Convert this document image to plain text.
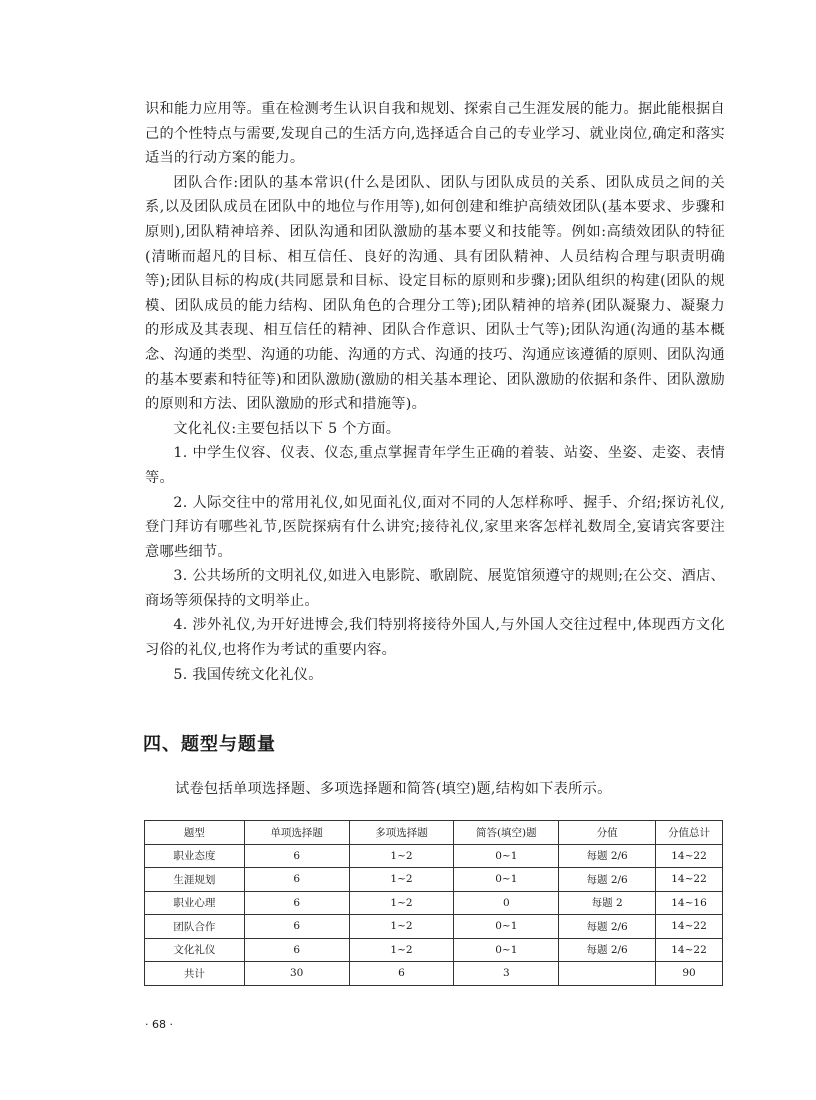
识和能力应用等。重在检测考生认识自我和规划、探索自己生涯发展的能力。据此能根据自己的个性特点与需要,发现自己的生活方向,选择适合自己的专业学习、就业岗位,确定和落实适当的行动方案的能力。

团队合作:团队的基本常识(什么是团队、团队与团队成员的关系、团队成员之间的关系,以及团队成员在团队中的地位与作用等),如何创建和维护高绩效团队(基本要求、步骤和原则),团队精神培养、团队沟通和团队激励的基本要义和技能等。例如:高绩效团队的特征(清晰而超凡的目标、相互信任、良好的沟通、具有团队精神、人员结构合理与职责明确等);团队目标的构成(共同愿景和目标、设定目标的原则和步骤);团队组织的构建(团队的规模、团队成员的能力结构、团队角色的合理分工等);团队精神的培养(团队凝聚力、凝聚力的形成及其表现、相互信任的精神、团队合作意识、团队士气等);团队沟通(沟通的基本概念、沟通的类型、沟通的功能、沟通的方式、沟通的技巧、沟通应该遵循的原则、团队沟通的基本要素和特征等)和团队激励(激励的相关基本理论、团队激励的依据和条件、团队激励的原则和方法、团队激励的形式和措施等)。

文化礼仪:主要包括以下 5 个方面。

1. 中学生仪容、仪表、仪态,重点掌握青年学生正确的着装、站姿、坐姿、走姿、表情等。

2. 人际交往中的常用礼仪,如见面礼仪,面对不同的人怎样称呼、握手、介绍;探访礼仪,登门拜访有哪些礼节,医院探病有什么讲究;接待礼仪,家里来客怎样礼数周全,宴请宾客要注意哪些细节。

3. 公共场所的文明礼仪,如进入电影院、歌剧院、展览馆须遵守的规则;在公交、酒店、商场等须保持的文明举止。

4. 涉外礼仪,为开好进博会,我们特别将接待外国人,与外国人交往过程中,体现西方文化习俗的礼仪,也将作为考试的重要内容。

5. 我国传统文化礼仪。

四、题型与题量

试卷包括单项选择题、多项选择题和简答(填空)题,结构如下表所示。

题型	单项选择题	多项选择题	简答(填空)题	分值	分值总计
职业态度	6	1~2	0~1	每题 2/6	14~22
生涯规划	6	1~2	0~1	每题 2/6	14~22
职业心理	6	1~2	0	每题 2	14~16
团队合作	6	1~2	0~1	每题 2/6	14~22
文化礼仪	6	1~2	0~1	每题 2/6	14~22
共计	30	6	3		90

· 68 ·
